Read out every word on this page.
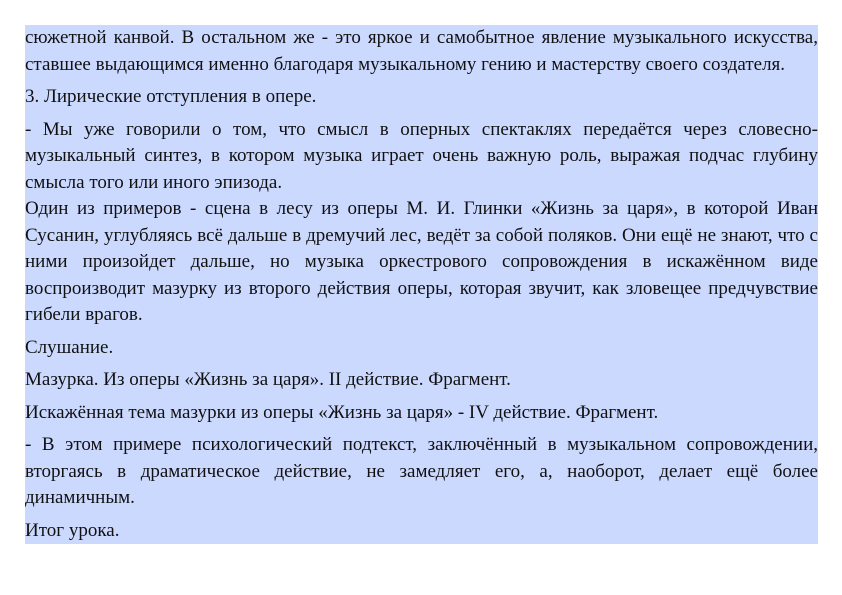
сюжетной канвой. В остальном же - это яркое и самобытное явление музыкального искусства, ставшее выдающимся именно благодаря музыкальному гению и мастерству своего создателя.

3. Лирические отступления в опере.

- Мы уже говорили о том, что смысл в оперных спектаклях передаётся через словесно-музыкальный синтез, в котором музыка играет очень важную роль, выражая подчас глубину смысла того или иного эпизода.

Один из примеров - сцена в лесу из оперы М. И. Глинки «Жизнь за царя», в которой Иван Сусанин, углубляясь всё дальше в дремучий лес, ведёт за собой поляков. Они ещё не знают, что с ними произойдет дальше, но музыка оркестрового сопровождения в искажённом виде воспроизводит мазурку из второго действия оперы, которая звучит, как зловещее предчувствие гибели врагов.

Слушание.

Мазурка. Из оперы «Жизнь за царя». II действие. Фрагмент.

Искажённая тема мазурки из оперы «Жизнь за царя» - IV действие. Фрагмент.

- В этом примере психологический подтекст, заключённый в музыкальном сопровождении, вторгаясь в драматическое действие, не замедляет его, а, наоборот, делает ещё более динамичным.

Итог урока.
